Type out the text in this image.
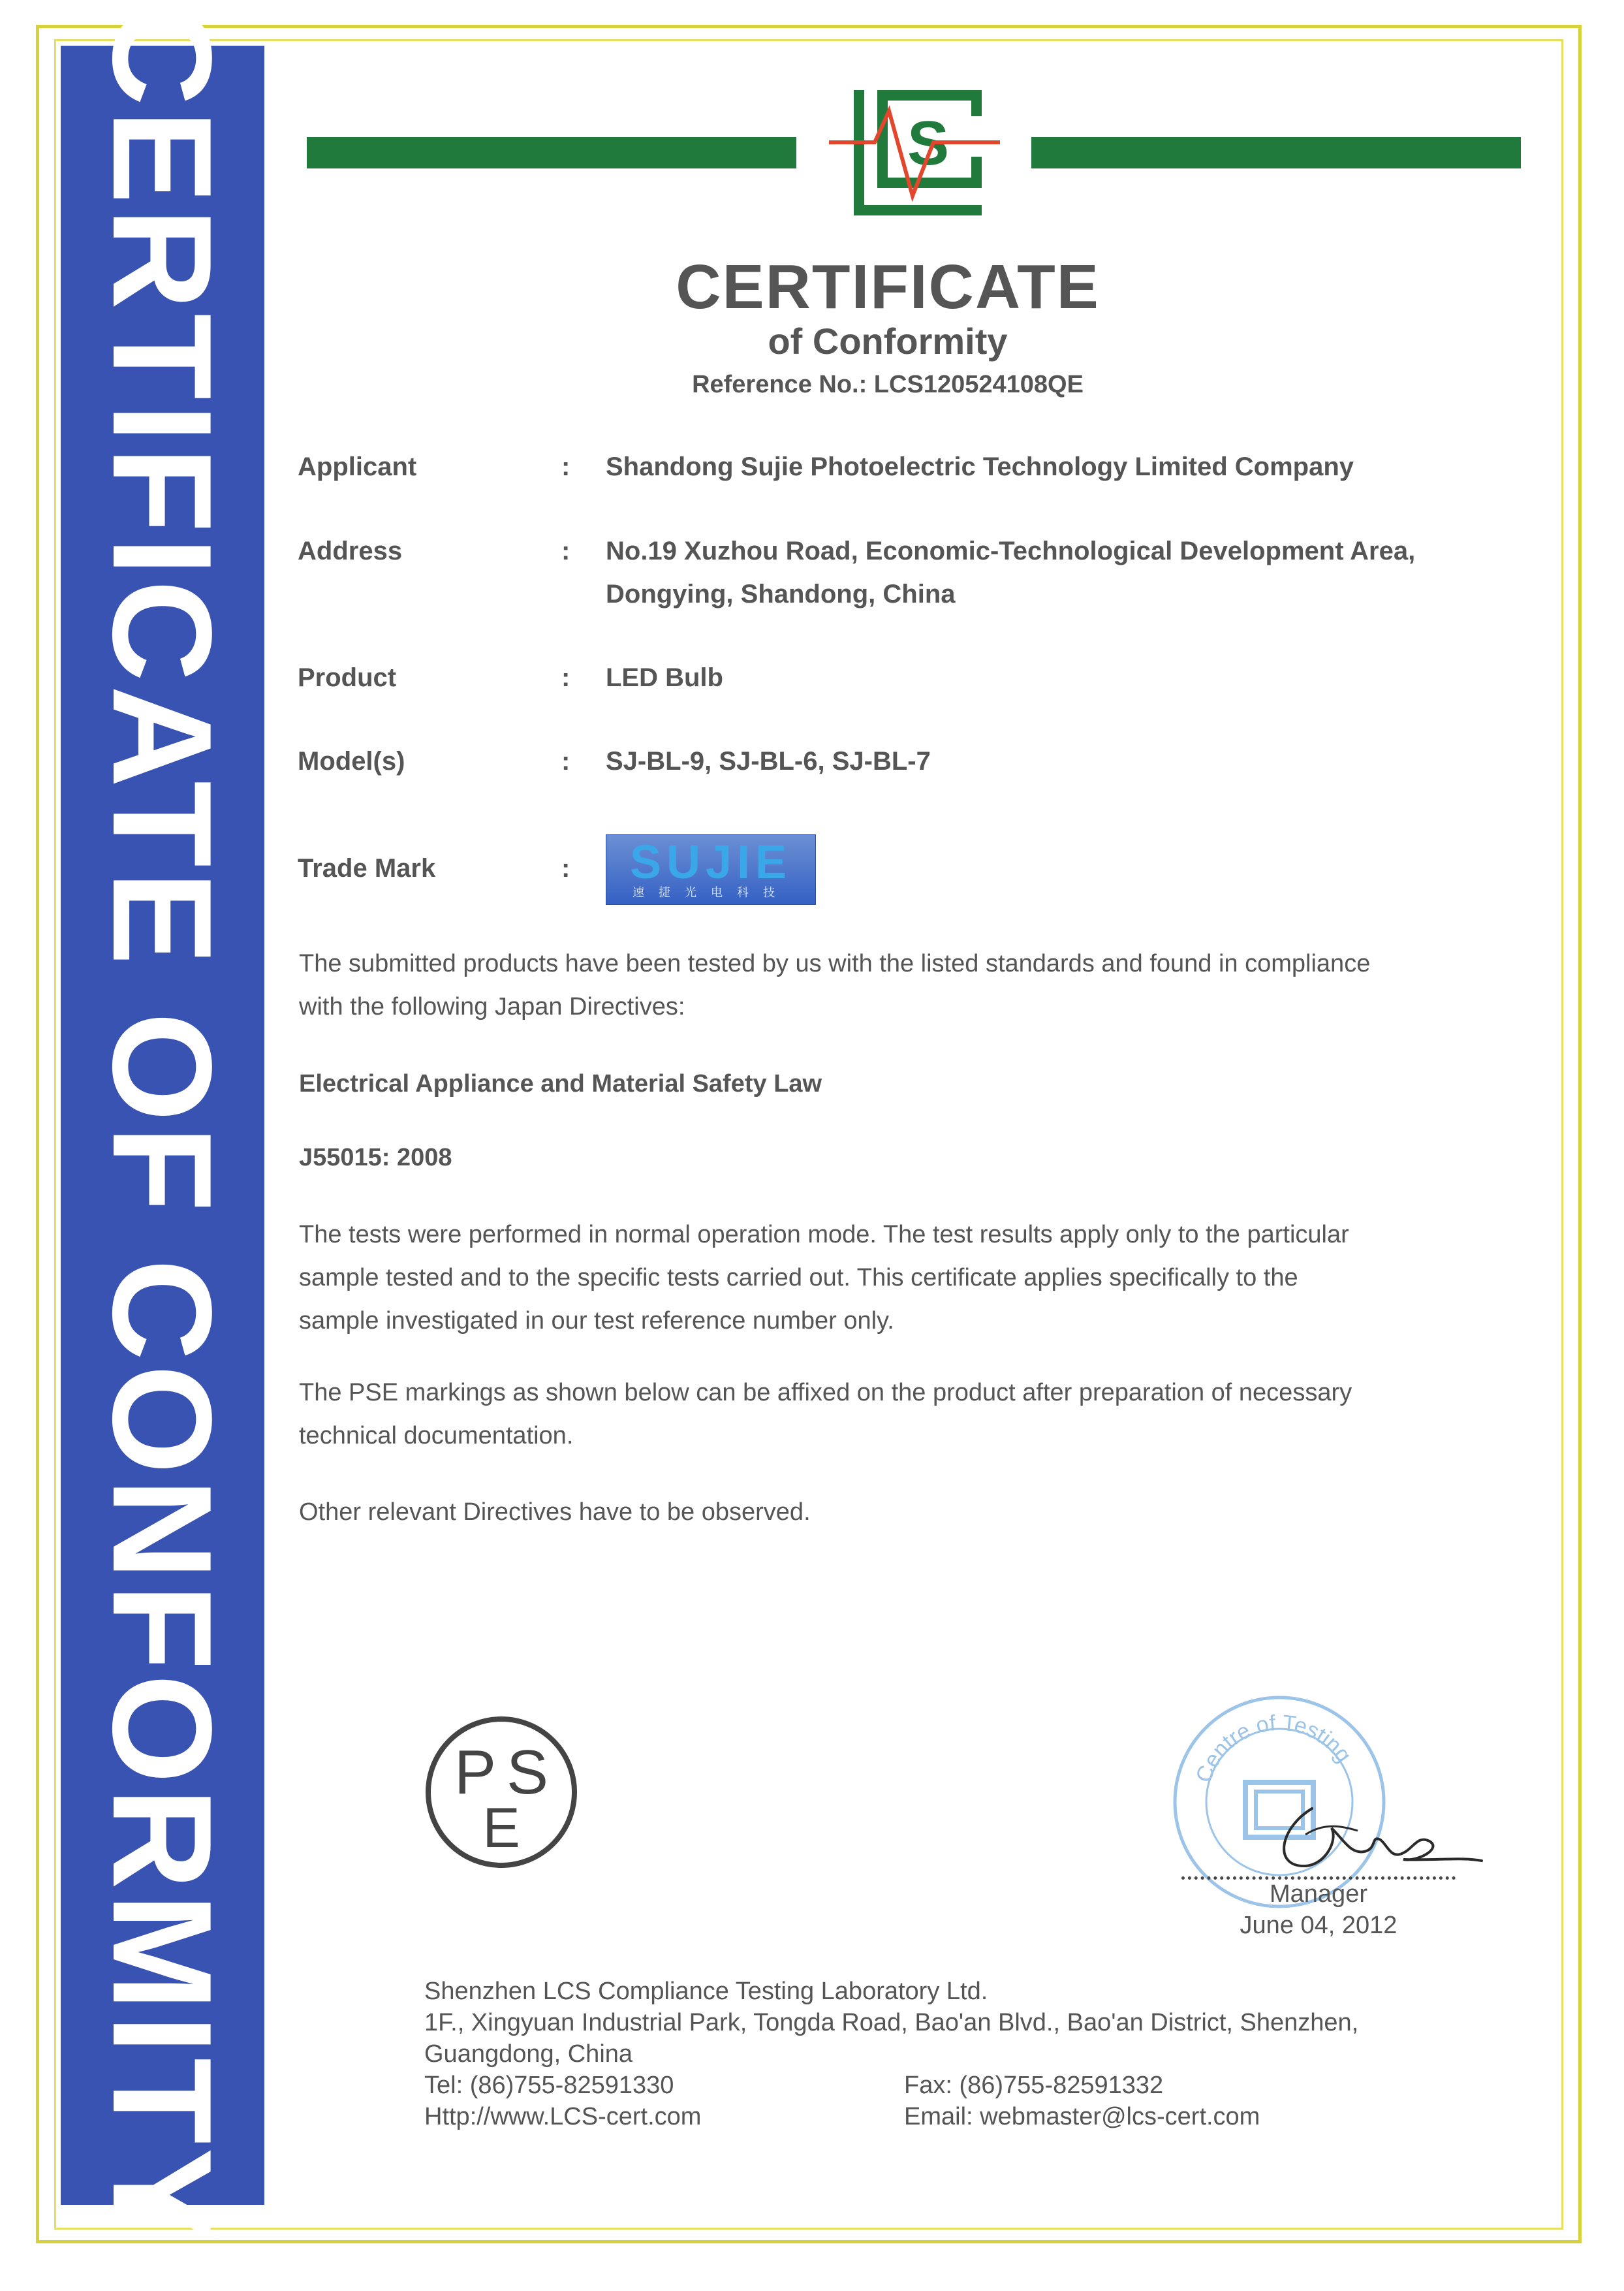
CERTIFICATE OF CONFORMITY	S
CERTIFICATE
of Conformity
Reference No.: LCS120524108QE
Applicant	: Shandong Sujie Photoelectric Technology Limited Company
Address	: No.19 Xuzhou Road, Economic-Technological Development Area,
Dongying, Shandong, China
Product	: LED Bulb
Model(s)	: SJ-BL-9, SJ-BL-6, SJ-BL-7
Trade Mark	:	SUJIE
速捷光电科技
The submitted products have been tested by us with the listed standards and found in compliance
with the following Japan Directives:
Electrical Appliance and Material Safety Law
J55015: 2008
The tests were performed in normal operation mode. The test results apply only to the particular
sample tested and to the specific tests carried out. This certificate applies specifically to the
sample investigated in our test reference number only.
The PSE markings as shown below can be affixed on the product after preparation of necessary
technical documentation.
Other relevant Directives have to be observed.
P S
E
Centre of Testing
Manager
June 04, 2012
Shenzhen LCS Compliance Testing Laboratory Ltd.
1F., Xingyuan Industrial Park, Tongda Road, Bao'an Blvd., Bao'an District, Shenzhen,
Guangdong, China
Tel: (86)755-82591330	Fax: (86)755-82591332
Http://www.LCS-cert.com	Email: webmaster@lcs-cert.com
